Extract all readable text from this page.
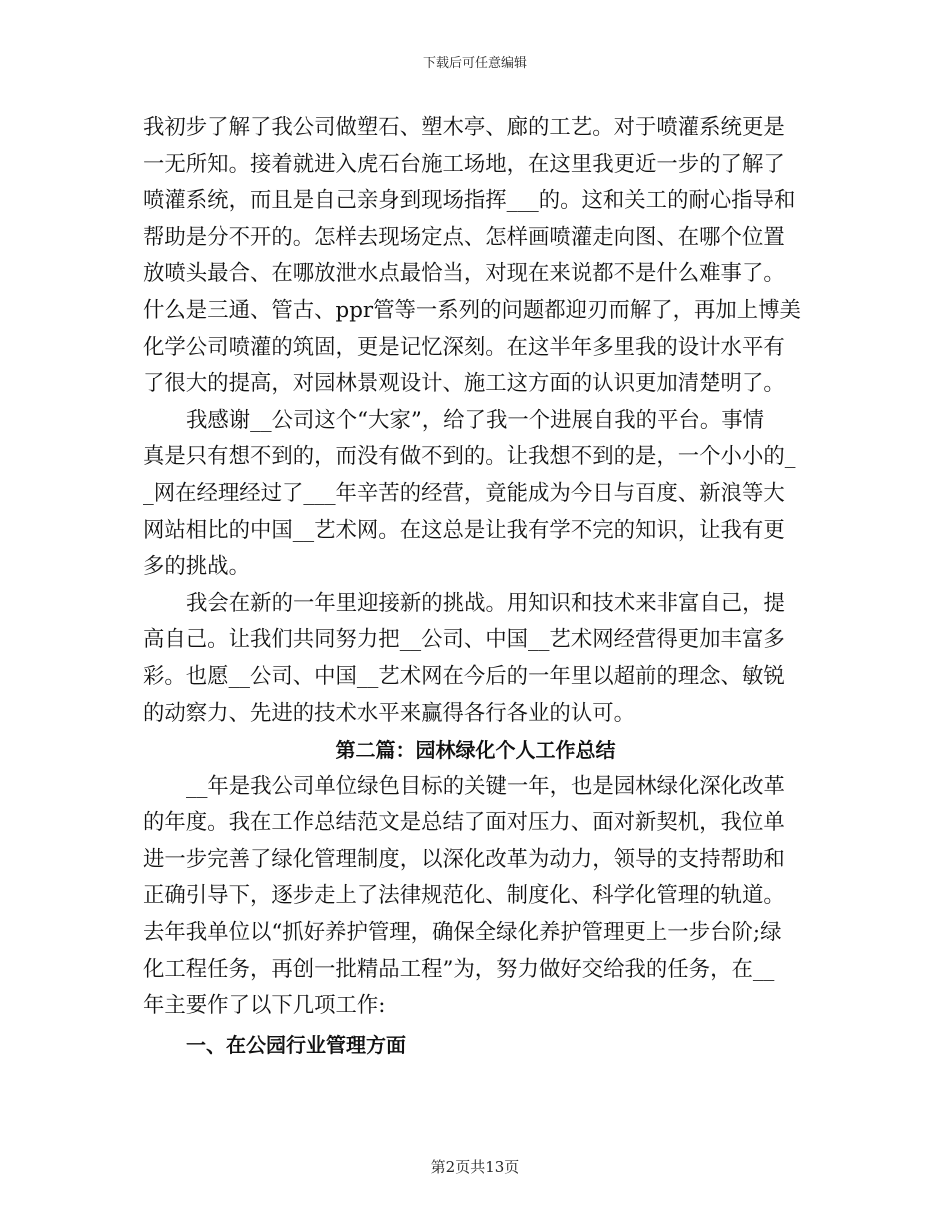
下载后可任意编辑
我初步了解了我公司做塑石、塑木亭、廊的工艺。对于喷灌系统更是
一无所知。接着就进入虎石台施工场地，在这里我更近一步的了解了
喷灌系统，而且是自己亲身到现场指挥___的。这和关工的耐心指导和
帮助是分不开的。怎样去现场定点、怎样画喷灌走向图、在哪个位置
放喷头最合、在哪放泄水点最恰当，对现在来说都不是什么难事了。
什么是三通、管古、ppr管等一系列的问题都迎刃而解了，再加上博美
化学公司喷灌的筑固，更是记忆深刻。在这半年多里我的设计水平有
了很大的提高，对园林景观设计、施工这方面的认识更加清楚明了。
我感谢__公司这个“大家”，给了我一个进展自我的平台。事情
真是只有想不到的，而没有做不到的。让我想不到的是，一个小小的_
_网在经理经过了___年辛苦的经营，竟能成为今日与百度、新浪等大
网站相比的中国__艺术网。在这总是让我有学不完的知识，让我有更
多的挑战。
我会在新的一年里迎接新的挑战。用知识和技术来非富自己，提
高自己。让我们共同努力把__公司、中国__艺术网经营得更加丰富多
彩。也愿__公司、中国__艺术网在今后的一年里以超前的理念、敏锐
的动察力、先进的技术水平来赢得各行各业的认可。
第二篇：园林绿化个人工作总结
__年是我公司单位绿色目标的关键一年，也是园林绿化深化改革
的年度。我在工作总结范文是总结了面对压力、面对新契机，我位单
进一步完善了绿化管理制度，以深化改革为动力，领导的支持帮助和
正确引导下，逐步走上了法律规范化、制度化、科学化管理的轨道。
去年我单位以“抓好养护管理，确保全绿化养护管理更上一步台阶;绿
化工程任务，再创一批精品工程”为，努力做好交给我的任务，在__
年主要作了以下几项工作:
一、在公园行业管理方面
第2页共13页
